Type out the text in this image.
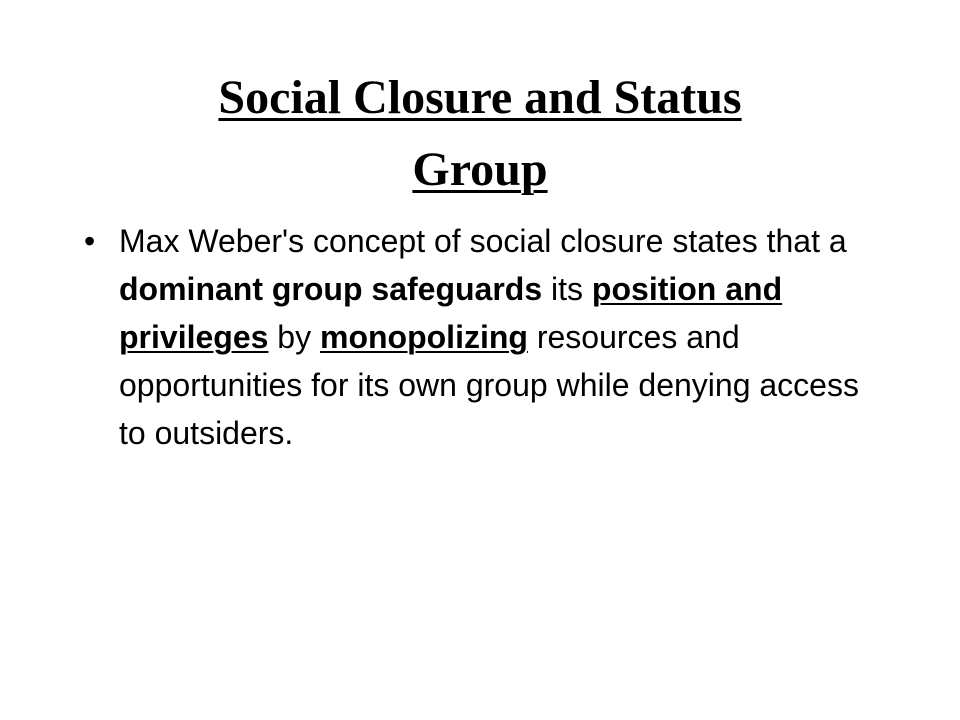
Social Closure and Status
Group
• Max Weber's concept of social closure states that a dominant group safeguards its position and privileges by monopolizing resources and opportunities for its own group while denying access to outsiders.
